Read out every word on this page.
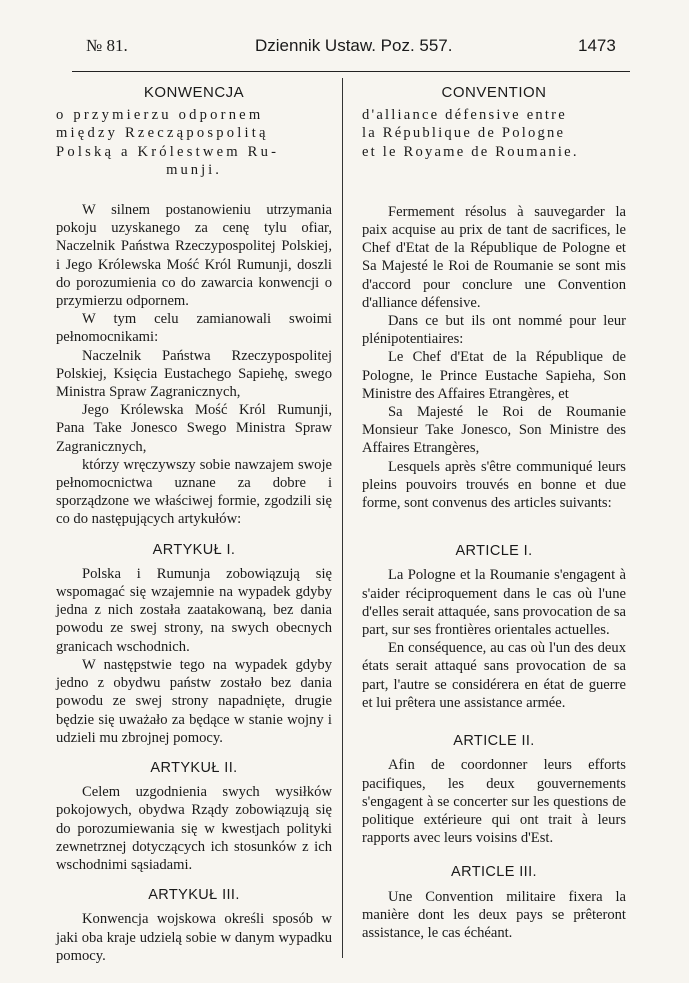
№ 81.	Dziennik Ustaw. Poz. 557.	1473

KONWENCJA

o przymierzu odpornem

między Rzecząpospolitą

Polską a Królestwem Ru-

munji.

W silnem postanowieniu utrzymania pokoju uzyskanego za cenę tylu ofiar, Naczelnik Państwa Rzeczypospolitej Polskiej, i Jego Królewska Mość Król Rumunji, doszli do porozumienia co do zawarcia konwencji o przymierzu odpornem.

W tym celu zamianowali swoimi pełnomocnikami:

Naczelnik Państwa Rzeczypospolitej Polskiej, Księcia Eustachego Sapiehę, swego Ministra Spraw Zagranicznych,

Jego Królewska Mość Król Rumunji, Pana Take Jonesco Swego Ministra Spraw Zagranicznych,

którzy wręczywszy sobie nawzajem swoje pełnomocnictwa uznane za dobre i sporządzone we właściwej formie, zgodzili się co do następujących artykułów:

ARTYKUŁ I.

Polska i Rumunja zobowiązują się wspomagać się wzajemnie na wypadek gdyby jedna z nich została zaatakowaną, bez dania powodu ze swej strony, na swych obecnych granicach wschodnich.

W następstwie tego na wypadek gdyby jedno z obydwu państw zostało bez dania powodu ze swej strony napadnięte, drugie będzie się uważało za będące w stanie wojny i udzieli mu zbrojnej pomocy.

ARTYKUŁ II.

Celem uzgodnienia swych wysiłków pokojowych, obydwa Rządy zobowiązują się do porozumiewania się w kwestjach polityki zewnetrznej dotyczących ich stosunków z ich wschodnimi sąsiadami.

ARTYKUŁ III.

Konwencja wojskowa określi sposób w jaki oba kraje udzielą sobie w danym wypadku pomocy.

CONVENTION

d'alliance défensive entre

la République de Pologne

et le Royame de Roumanie.

Fermement résolus à sauvegarder la paix acquise au prix de tant de sacrifices, le Chef d'Etat de la République de Pologne et Sa Majesté le Roi de Roumanie se sont mis d'accord pour conclure une Convention d'alliance défensive.

Dans ce but ils ont nommé pour leur plénipotentiaires:

Le Chef d'Etat de la République de Pologne, le Prince Eustache Sapieha, Son Ministre des Affaires Etrangères, et

Sa Majesté le Roi de Roumanie Monsieur Take Jonesco, Son Ministre des Affaires Etrangères,

Lesquels après s'être communiqué leurs pleins pouvoirs trouvés en bonne et due forme, sont convenus des articles suivants:

ARTICLE I.

La Pologne et la Roumanie s'engagent à s'aider réciproquement dans le cas où l'une d'elles serait attaquée, sans provocation de sa part, sur ses frontières orientales actuelles.

En conséquence, au cas où l'un des deux états serait attaqué sans provocation de sa part, l'autre se considérera en état de guerre et lui prêtera une assistance armée.

ARTICLE II.

Afin de coordonner leurs efforts pacifiques, les deux gouvernements s'engagent à se concerter sur les questions de politique extérieure qui ont trait à leurs rapports avec leurs voisins d'Est.

ARTICLE III.

Une Convention militaire fixera la manière dont les deux pays se prêteront assistance, le cas échéant.
